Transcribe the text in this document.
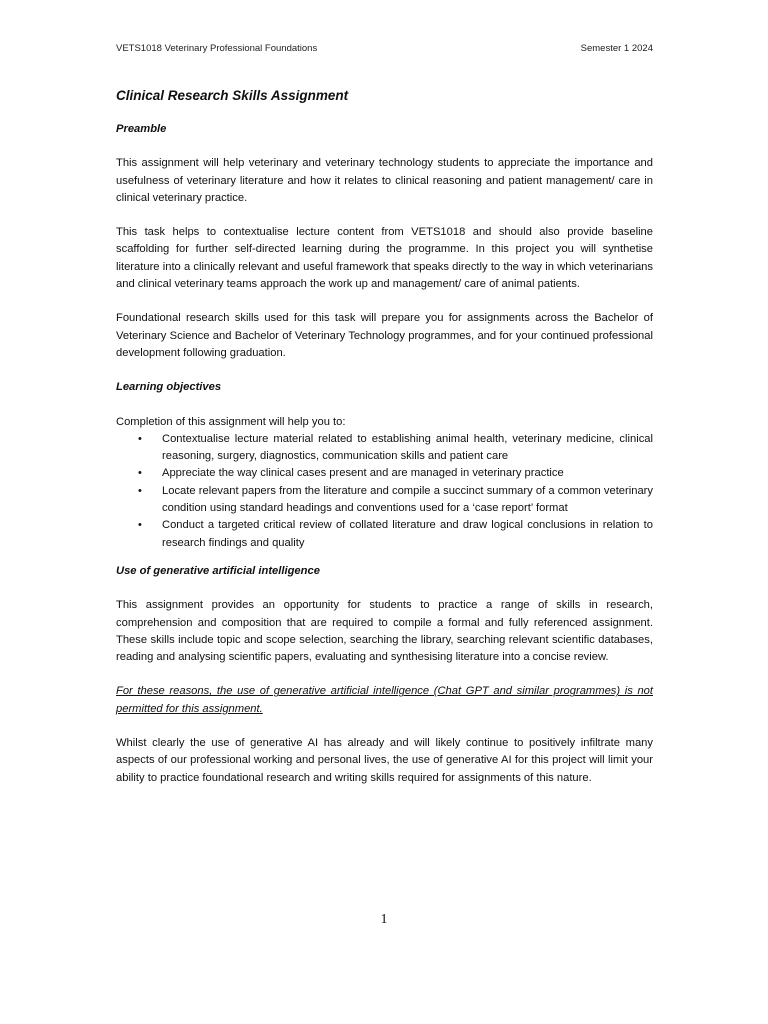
VETS1018 Veterinary Professional Foundations	Semester 1 2024
Clinical Research Skills Assignment
Preamble

This assignment will help veterinary and veterinary technology students to appreciate the importance and usefulness of veterinary literature and how it relates to clinical reasoning and patient management/ care in clinical veterinary practice.

This task helps to contextualise lecture content from VETS1018 and should also provide baseline scaffolding for further self-directed learning during the programme. In this project you will synthetise literature into a clinically relevant and useful framework that speaks directly to the way in which veterinarians and clinical veterinary teams approach the work up and management/ care of animal patients.

Foundational research skills used for this task will prepare you for assignments across the Bachelor of Veterinary Science and Bachelor of Veterinary Technology programmes, and for your continued professional development following graduation.

Learning objectives

Completion of this assignment will help you to:

• Contextualise lecture material related to establishing animal health, veterinary medicine, clinical reasoning, surgery, diagnostics, communication skills and patient care
• Appreciate the way clinical cases present and are managed in veterinary practice
• Locate relevant papers from the literature and compile a succinct summary of a common veterinary condition using standard headings and conventions used for a ‘case report’ format
• Conduct a targeted critical review of collated literature and draw logical conclusions in relation to research findings and quality
Use of generative artificial intelligence

This assignment provides an opportunity for students to practice a range of skills in research, comprehension and composition that are required to compile a formal and fully referenced assignment. These skills include topic and scope selection, searching the library, searching relevant scientific databases, reading and analysing scientific papers, evaluating and synthesising literature into a concise review.

For these reasons, the use of generative artificial intelligence (Chat GPT and similar programmes) is not permitted for this assignment.

Whilst clearly the use of generative AI has already and will likely continue to positively infiltrate many aspects of our professional working and personal lives, the use of generative AI for this project will limit your ability to practice foundational research and writing skills required for assignments of this nature.

1
